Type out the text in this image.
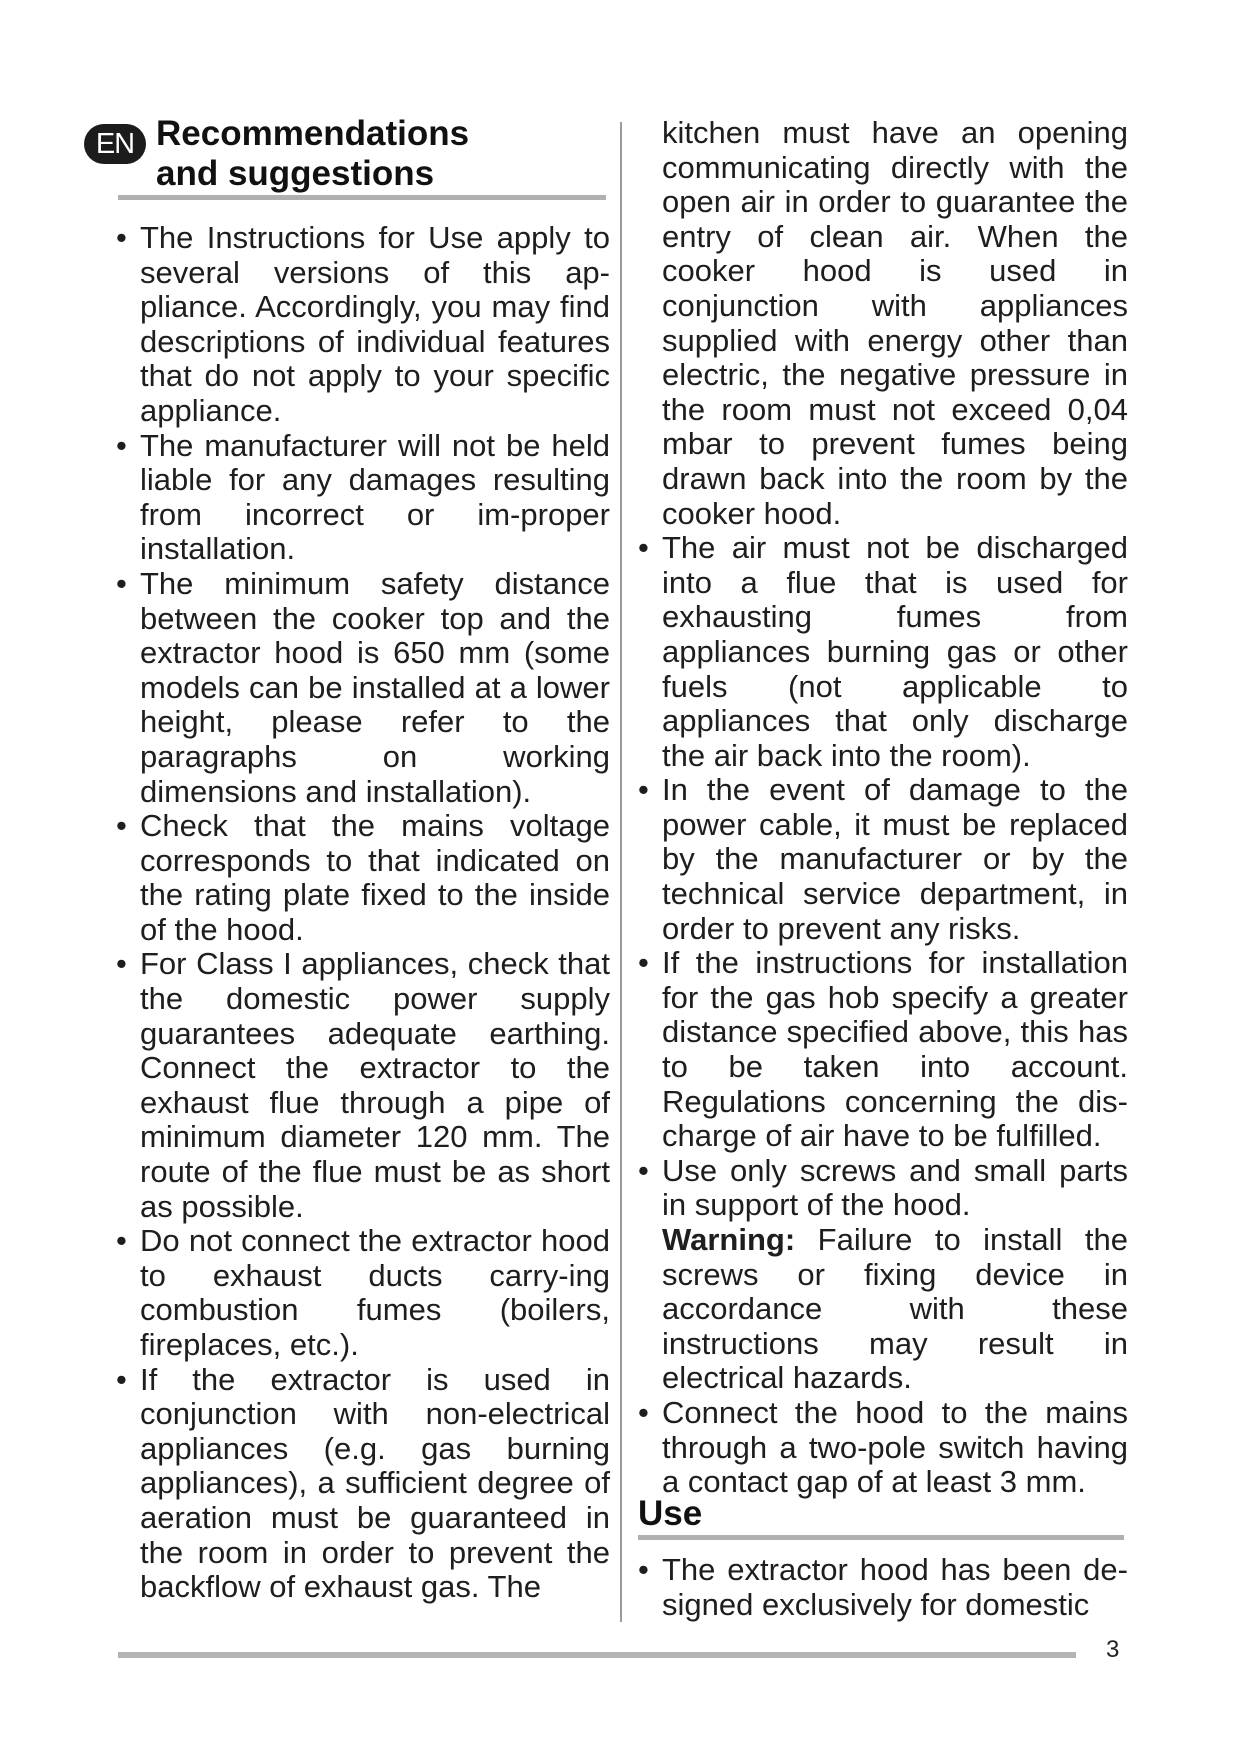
EN Recommendations
and suggestions

• The Instructions for Use apply to several versions of this ap-pliance. Accordingly, you may find descriptions of individual features that do not apply to your specific appliance.

• The manufacturer will not be held liable for any damages resulting from incorrect or im-proper installation.

• The minimum safety distance between the cooker top and the extractor hood is 650 mm (some models can be installed at a lower height, please refer to the paragraphs on working dimensions and installation).

• Check that the mains voltage corresponds to that indicated on the rating plate fixed to the inside of the hood.

• For Class I appliances, check that the domestic power supply guarantees adequate earthing. Connect the extractor to the exhaust flue through a pipe of minimum diameter 120 mm. The route of the flue must be as short as possible.

• Do not connect the extractor hood to exhaust ducts carry-ing combustion fumes (boilers, fireplaces, etc.).

• If the extractor is used in conjunction with non-electrical appliances (e.g. gas burning appliances), a sufficient degree of aeration must be guaranteed in the room in order to prevent the backflow of exhaust gas. The

kitchen must have an opening communicating directly with the open air in order to guarantee the entry of clean air. When the cooker hood is used in conjunction with appliances supplied with energy other than electric, the negative pressure in the room must not exceed 0,04 mbar to prevent fumes being drawn back into the room by the cooker hood.

• The air must not be discharged into a flue that is used for exhausting fumes from appliances burning gas or other fuels (not applicable to appliances that only discharge the air back into the room).

• In the event of damage to the power cable, it must be replaced by the manufacturer or by the technical service department, in order to prevent any risks.

• If the instructions for installation for the gas hob specify a greater distance specified above, this has to be taken into account. Regulations concerning the dis-charge of air have to be fulfilled.

• Use only screws and small parts in support of the hood.

Warning: Failure to install the screws or fixing device in accordance with these instructions may result in electrical hazards.

• Connect the hood to the mains through a two-pole switch having a contact gap of at least 3 mm.

Use

• The extractor hood has been de-signed exclusively for domestic

3
